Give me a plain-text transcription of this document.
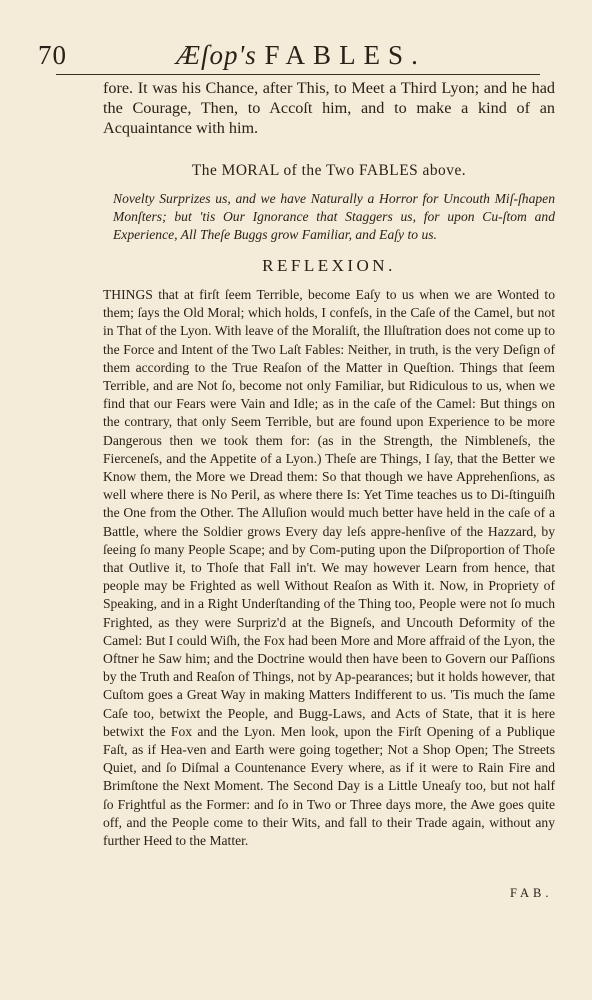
70	Æſop's FABLES.

fore. It was his Chance, after This, to Meet a Third Lyon; and he had the Courage, Then, to Accoſt him, and to make a kind of an Acquaintance with him.

The MORAL of the Two FABLES above.

Novelty Surprizes us, and we have Naturally a Horror for Uncouth Miſ-ſhapen Monſters; but 'tis Our Ignorance that Staggers us, for upon Cu-ſtom and Experience, All Theſe Buggs grow Familiar, and Eaſy to us.

REFLEXION.

THINGS that at firſt ſeem Terrible, become Eaſy to us when we are Wonted to them; ſays the Old Moral; which holds, I confeſs, in the Caſe of the Camel, but not in That of the Lyon. With leave of the Moraliſt, the Illuſtration does not come up to the Force and Intent of the Two Laſt Fables: Neither, in truth, is the very Deſign of them according to the True Reaſon of the Matter in Queſtion. Things that ſeem Terrible, and are Not ſo, become not only Familiar, but Ridiculous to us, when we find that our Fears were Vain and Idle; as in the caſe of the Camel: But things on the contrary, that only Seem Terrible, but are found upon Experience to be more Dangerous then we took them for: (as in the Strength, the Nimbleneſs, the Fierceneſs, and the Appetite of a Lyon.) Theſe are Things, I ſay, that the Better we Know them, the More we Dread them: So that though we have Apprehenſions, as well where there is No Peril, as where there Is: Yet Time teaches us to Di-ſtinguiſh the One from the Other. The Alluſion would much better have held in the caſe of a Battle, where the Soldier grows Every day leſs appre-henſive of the Hazzard, by ſeeing ſo many People Scape; and by Com-puting upon the Diſproportion of Thoſe that Outlive it, to Thoſe that Fall in't. We may however Learn from hence, that people may be Frighted as well Without Reaſon as With it. Now, in Propriety of Speaking, and in a Right Underſtanding of the Thing too, People were not ſo much Frighted, as they were Surpriz'd at the Bigneſs, and Uncouth Deformity of the Camel: But I could Wiſh, the Fox had been More and More affraid of the Lyon, the Oftner he Saw him; and the Doctrine would then have been to Govern our Paſſions by the Truth and Reaſon of Things, not by Ap-pearances; but it holds however, that Cuſtom goes a Great Way in making Matters Indifferent to us. 'Tis much the ſame Caſe too, betwixt the People, and Bugg-Laws, and Acts of State, that it is here betwixt the Fox and the Lyon. Men look, upon the Firſt Opening of a Publique Faſt, as if Hea-ven and Earth were going together; Not a Shop Open; The Streets Quiet, and ſo Diſmal a Countenance Every where, as if it were to Rain Fire and Brimſtone the Next Moment. The Second Day is a Little Uneaſy too, but not half ſo Frightful as the Former: and ſo in Two or Three days more, the Awe goes quite off, and the People come to their Wits, and fall to their Trade again, without any further Heed to the Matter.

FAB.
